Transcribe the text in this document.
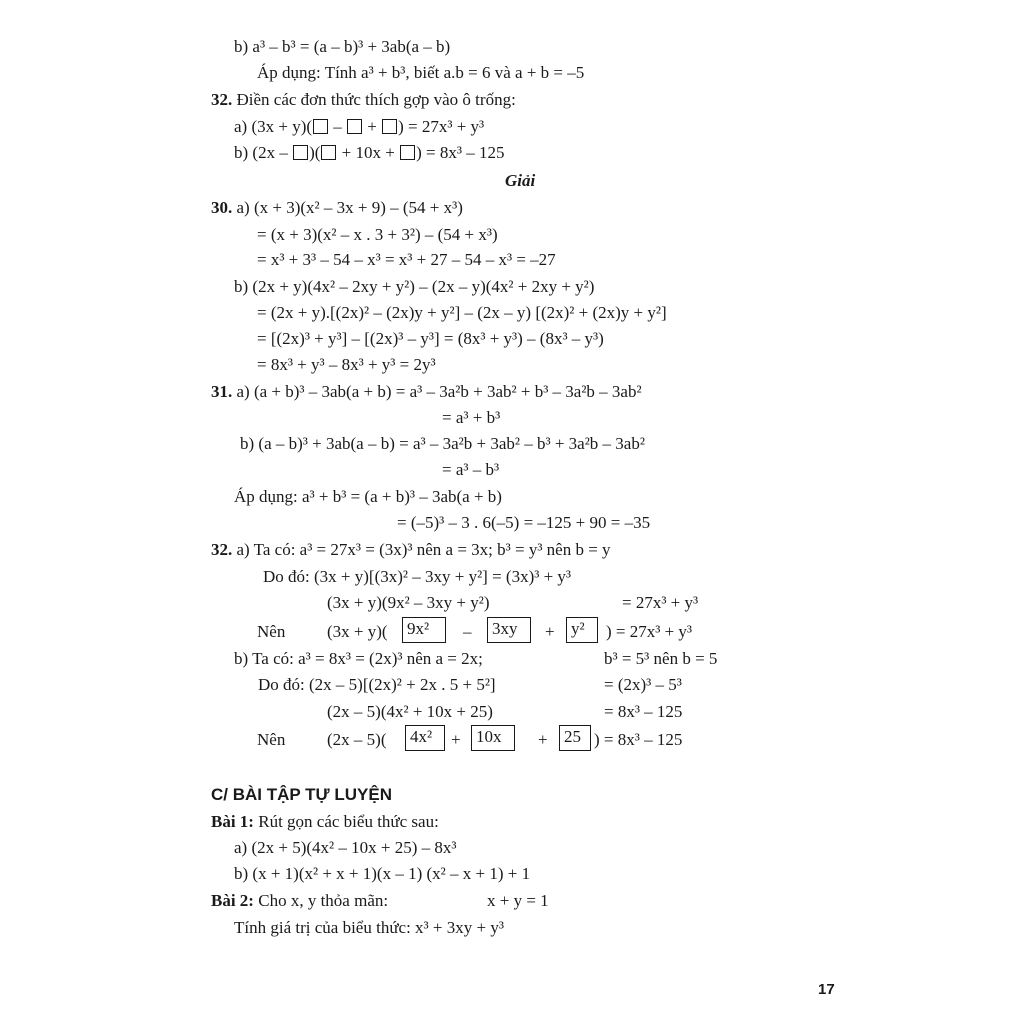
b) a³ – b³ = (a – b)³ + 3ab(a – b)
Áp dụng: Tính a³ + b³, biết a.b = 6 và a + b = –5
32. Điền các đơn thức thích gợp vào ô trống:
a) (3x + y)( –  + ) = 27x³ + y³
b) (2x – )( + 10x + ) = 8x³ – 125
Giải
30. a) (x + 3)(x² – 3x + 9) – (54 + x³)
= (x + 3)(x² – x . 3 + 3²) – (54 + x³)
= x³ + 3³ – 54 – x³ = x³ + 27 – 54 – x³ = –27
b) (2x + y)(4x² – 2xy + y²) – (2x – y)(4x² + 2xy + y²)
= (2x + y).[(2x)² – (2x)y + y²] – (2x – y) [(2x)² + (2x)y + y²]
= [(2x)³ + y³] – [(2x)³ – y³] = (8x³ + y³) – (8x³ – y³)
= 8x³ + y³ – 8x³ + y³ = 2y³
31. a) (a + b)³ – 3ab(a + b) = a³ – 3a²b + 3ab² + b³ – 3a²b – 3ab²
= a³ + b³
b) (a – b)³ + 3ab(a – b) = a³ – 3a²b + 3ab² – b³ + 3a²b – 3ab²
= a³ – b³
Áp dụng: a³ + b³ = (a + b)³ – 3ab(a + b)
= (–5)³ – 3 . 6(–5) = –125 + 90 = –35
32. a) Ta có: a³ = 27x³ = (3x)³ nên a = 3x; b³ = y³ nên b = y
Do đó: (3x + y)[(3x)² – 3xy + y²] = (3x)³ + y³
(3x + y)(9x² – 3xy + y²)	= 27x³ + y³
Nên (3x + y)( 9x²	– 3xy	+ y²	) = 27x³ + y³
b) Ta có: a³ = 8x³ = (2x)³ nên a = 2x;	b³ = 5³ nên b = 5
Do đó: (2x – 5)[(2x)² + 2x . 5 + 5²]	= (2x)³ – 5³
(2x – 5)(4x² + 10x + 25)	= 8x³ – 125
Nên (2x – 5)( 4x²	+ 10x	+ 25 ) = 8x³ – 125
C/ BÀI TẬP TỰ LUYỆN
Bài 1: Rút gọn các biểu thức sau:
a) (2x + 5)(4x² – 10x + 25) – 8x³
b) (x + 1)(x² + x + 1)(x – 1) (x² – x + 1) + 1
Bài 2: Cho x, y thỏa mãn:	x + y = 1
Tính giá trị của biểu thức: x³ + 3xy + y³
17
